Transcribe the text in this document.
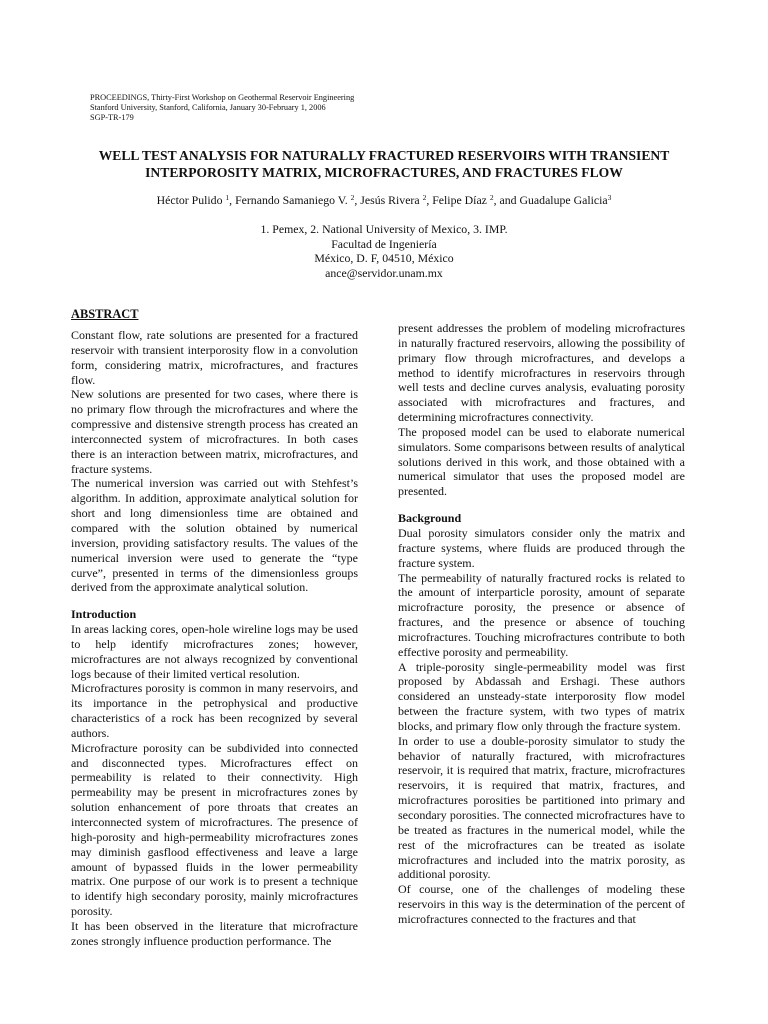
PROCEEDINGS, Thirty-First Workshop on Geothermal Reservoir Engineering
Stanford University, Stanford, California, January 30-February 1, 2006
SGP-TR-179
WELL TEST ANALYSIS FOR NATURALLY FRACTURED RESERVOIRS WITH TRANSIENT
INTERPOROSITY MATRIX, MICROFRACTURES, AND FRACTURES FLOW
Héctor Pulido $^1$, Fernando Samaniego V. $^2$, Jesús Rivera $^2$, Felipe Díaz $^2$, and Guadalupe Galicia$^3$
1. Pemex, 2. National University of Mexico, 3. IMP.
Facultad de Ingeniería
México, D. F, 04510, México
ance@servidor.unam.mx
ABSTRACT
Constant flow, rate solutions are presented for a fractured reservoir with transient interporosity flow in a convolution form, considering matrix, microfractures, and fractures flow.
New solutions are presented for two cases, where there is no primary flow through the microfractures and where the compressive and distensive strength process has created an interconnected system of microfractures. In both cases there is an interaction between matrix, microfractures, and fracture systems.
The numerical inversion was carried out with Stehfest’s algorithm. In addition, approximate analytical solution for short and long dimensionless time are obtained and compared with the solution obtained by numerical inversion, providing satisfactory results. The values of the numerical inversion were used to generate the “type curve”, presented in terms of the dimensionless groups derived from the approximate analytical solution.
Introduction
In areas lacking cores, open-hole wireline logs may be used to help identify microfractures zones; however, microfractures are not always recognized by conventional logs because of their limited vertical resolution.
Microfractures porosity is common in many reservoirs, and its importance in the petrophysical and productive characteristics of a rock has been recognized by several authors.
Microfracture porosity can be subdivided into connected and disconnected types. Microfractures effect on permeability is related to their connectivity. High permeability may be present in microfractures zones by solution enhancement of pore throats that creates an interconnected system of microfractures. The presence of high-porosity and high-permeability microfractures zones may diminish gasflood effectiveness and leave a large amount of bypassed fluids in the lower permeability matrix. One purpose of our work is to present a technique to identify high secondary porosity, mainly microfractures porosity.
It has been observed in the literature that microfracture zones strongly influence production performance. The
present addresses the problem of modeling microfractures in naturally fractured reservoirs, allowing the possibility of primary flow through microfractures, and develops a method to identify microfractures in reservoirs through well tests and decline curves analysis, evaluating porosity associated with microfractures and fractures, and determining microfractures connectivity.
The proposed model can be used to elaborate numerical simulators. Some comparisons between results of analytical solutions derived in this work, and those obtained with a numerical simulator that uses the proposed model are presented.
Background
Dual porosity simulators consider only the matrix and fracture systems, where fluids are produced through the fracture system.
The permeability of naturally fractured rocks is related to the amount of interparticle porosity, amount of separate microfracture porosity, the presence or absence of fractures, and the presence or absence of touching microfractures. Touching microfractures contribute to both effective porosity and permeability.
A triple-porosity single-permeability model was first proposed by Abdassah and Ershagi. These authors considered an unsteady-state interporosity flow model between the fracture system, with two types of matrix blocks, and primary flow only through the fracture system.
In order to use a double-porosity simulator to study the behavior of naturally fractured, with microfractures reservoir, it is required that matrix, fracture, microfractures reservoirs, it is required that matrix, fractures, and microfractures porosities be partitioned into primary and secondary porosities. The connected microfractures have to be treated as fractures in the numerical model, while the rest of the microfractures can be treated as isolate microfractures and included into the matrix porosity, as additional porosity.
Of course, one of the challenges of modeling these reservoirs in this way is the determination of the percent of microfractures connected to the fractures and that
